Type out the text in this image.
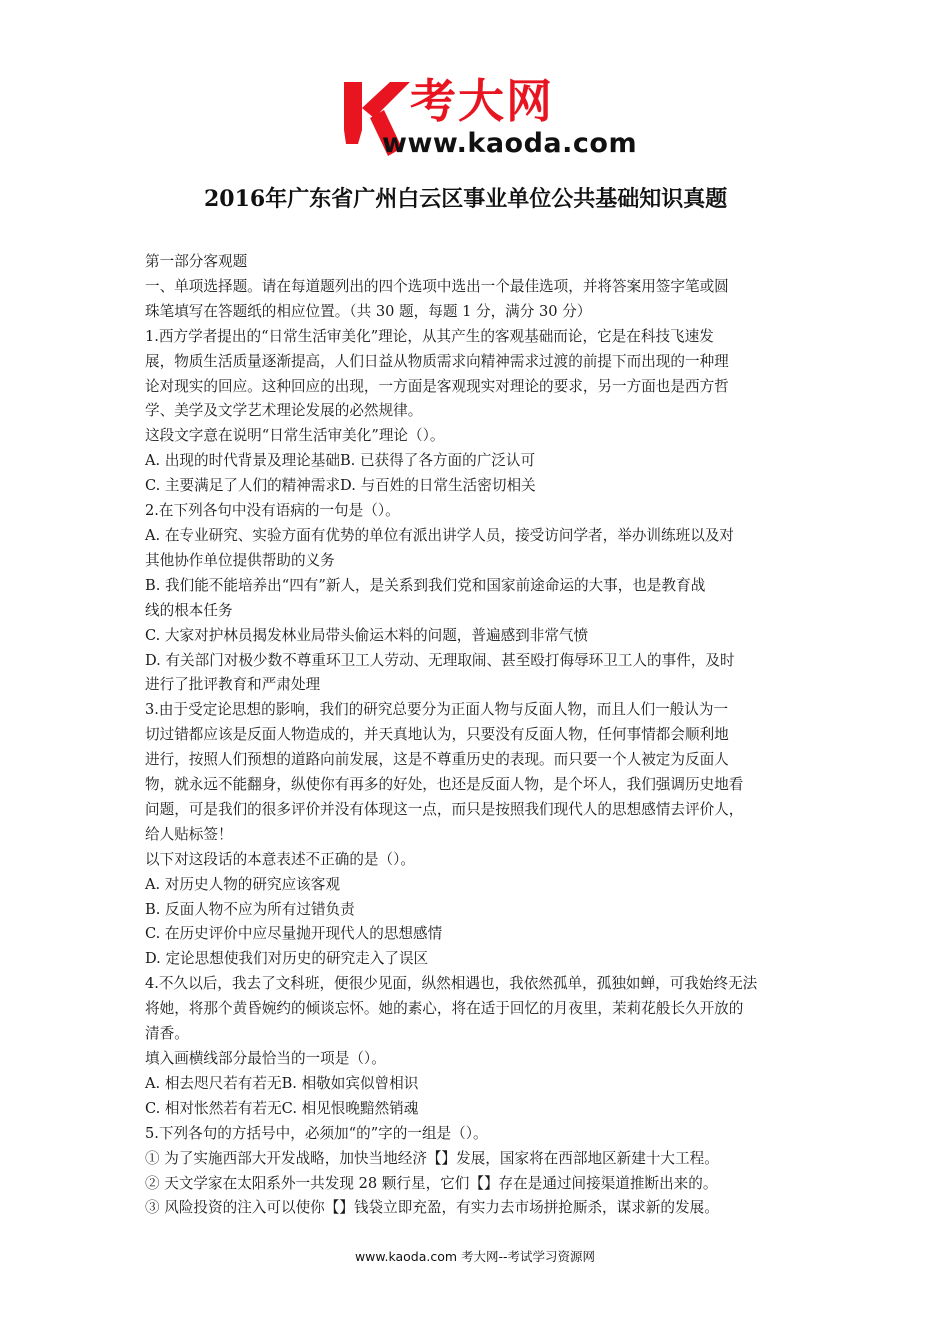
考大网
www.kaoda.com
2016年广东省广州白云区事业单位公共基础知识真题

第一部分客观题

一、单项选择题。请在每道题列出的四个选项中选出一个最佳选项，并将答案用签字笔或圆

珠笔填写在答题纸的相应位置。（共 30 题，每题 1 分，满分 30 分）

1.西方学者提出的“日常生活审美化”理论，从其产生的客观基础而论，它是在科技飞速发

展，物质生活质量逐渐提高，人们日益从物质需求向精神需求过渡的前提下而出现的一种理

论对现实的回应。这种回应的出现，一方面是客观现实对理论的要求，另一方面也是西方哲

学、美学及文学艺术理论发展的必然规律。

这段文字意在说明“日常生活审美化”理论（）。

A. 出现的时代背景及理论基础B. 已获得了各方面的广泛认可

C. 主要满足了人们的精神需求D. 与百姓的日常生活密切相关

2.在下列各句中没有语病的一句是（）。

A. 在专业研究、实验方面有优势的单位有派出讲学人员，接受访问学者，举办训练班以及对

其他协作单位提供帮助的义务

B. 我们能不能培养出“四有”新人，是关系到我们党和国家前途命运的大事，也是教育战

线的根本任务

C. 大家对护林员揭发林业局带头偷运木料的问题，普遍感到非常气愤

D. 有关部门对极少数不尊重环卫工人劳动、无理取闹、甚至殴打侮辱环卫工人的事件，及时

进行了批评教育和严肃处理

3.由于受定论思想的影响，我们的研究总要分为正面人物与反面人物，而且人们一般认为一

切过错都应该是反面人物造成的，并天真地认为，只要没有反面人物，任何事情都会顺利地

进行，按照人们预想的道路向前发展，这是不尊重历史的表现。而只要一个人被定为反面人

物，就永远不能翻身，纵使你有再多的好处，也还是反面人物，是个坏人，我们强调历史地看

问题，可是我们的很多评价并没有体现这一点，而只是按照我们现代人的思想感情去评价人，

给人贴标签！

以下对这段话的本意表述不正确的是（）。

A. 对历史人物的研究应该客观

B. 反面人物不应为所有过错负责

C. 在历史评价中应尽量抛开现代人的思想感情

D. 定论思想使我们对历史的研究走入了误区

4.不久以后，我去了文科班，便很少见面，纵然相遇也，我依然孤单，孤独如蝉，可我始终无法

将她，将那个黄昏婉约的倾谈忘怀。她的素心，将在适于回忆的月夜里，茉莉花般长久开放的

清香。

填入画横线部分最恰当的一项是（）。

A. 相去咫尺若有若无B. 相敬如宾似曾相识

C. 相对怅然若有若无C. 相见恨晚黯然销魂

5.下列各句的方括号中，必须加“的”字的一组是（）。

① 为了实施西部大开发战略，加快当地经济【】发展，国家将在西部地区新建十大工程。

② 天文学家在太阳系外一共发现 28 颗行星，它们【】存在是通过间接渠道推断出来的。

③ 风险投资的注入可以使你【】钱袋立即充盈，有实力去市场拼抢厮杀，谋求新的发展。

www.kaoda.com 考大网--考试学习资源网
